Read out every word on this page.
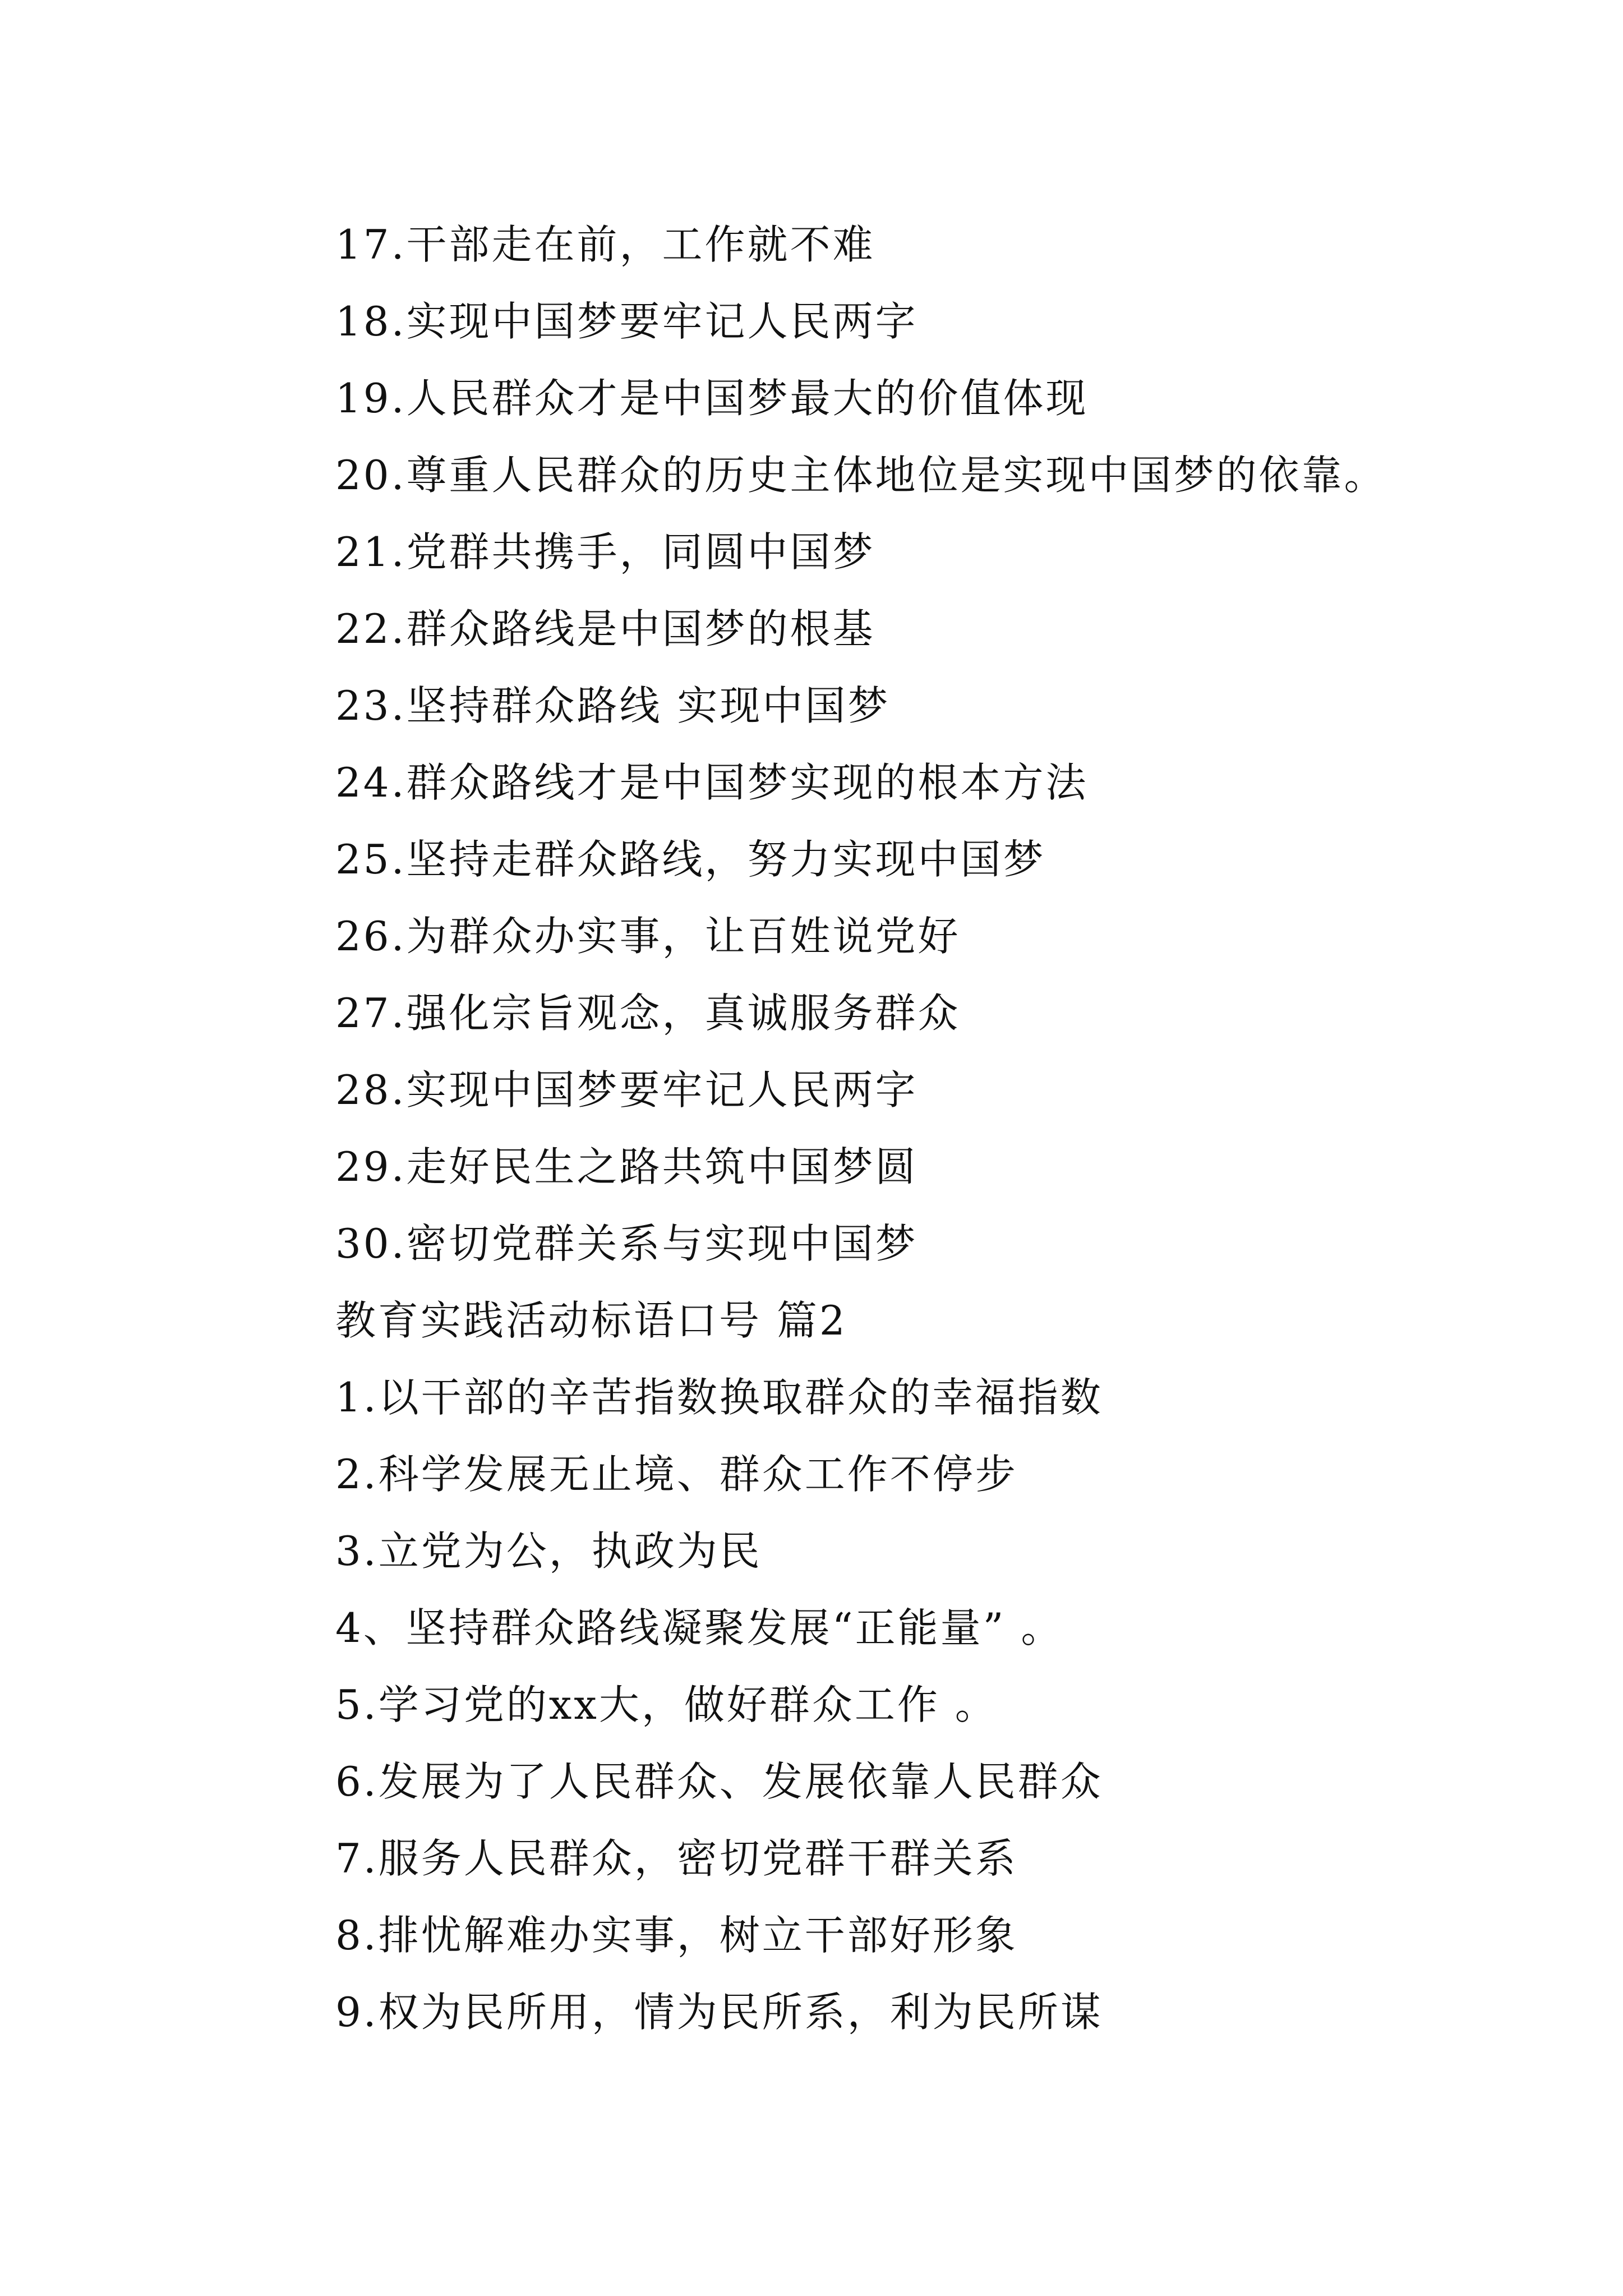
17.干部走在前，工作就不难
18.实现中国梦要牢记人民两字
19.人民群众才是中国梦最大的价值体现
20.尊重人民群众的历史主体地位是实现中国梦的依靠。
21.党群共携手，同圆中国梦
22.群众路线是中国梦的根基
23.坚持群众路线 实现中国梦
24.群众路线才是中国梦实现的根本方法
25.坚持走群众路线，努力实现中国梦
26.为群众办实事，让百姓说党好
27.强化宗旨观念，真诚服务群众
28.实现中国梦要牢记人民两字
29.走好民生之路共筑中国梦圆
30.密切党群关系与实现中国梦
教育实践活动标语口号 篇2
1.以干部的辛苦指数换取群众的幸福指数
2.科学发展无止境、群众工作不停步
3.立党为公，执政为民
4、坚持群众路线凝聚发展“正能量” 。
5.学习党的xx大，做好群众工作 。
6.发展为了人民群众、发展依靠人民群众
7.服务人民群众，密切党群干群关系
8.排忧解难办实事，树立干部好形象
9.权为民所用，情为民所系，利为民所谋
